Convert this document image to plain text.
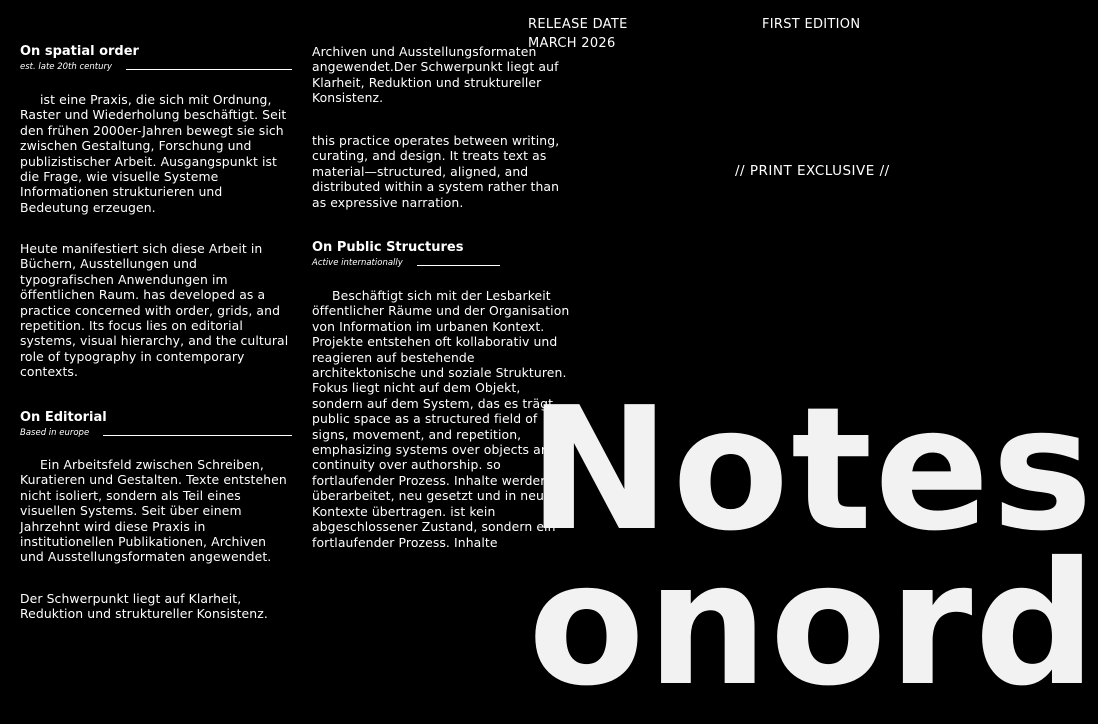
On spatial order

est. late 20th century

ist eine Praxis, die sich mit Ordnung, Raster und Wiederholung beschäftigt. Seit den frühen 2000er-Jahren bewegt sie sich zwischen Gestaltung, Forschung und publizistischer Arbeit. Ausgangspunkt ist die Frage, wie visuelle Systeme Informationen strukturieren und Bedeutung erzeugen.

Heute manifestiert sich diese Arbeit in Büchern, Ausstellungen und typografischen Anwendungen im öffentlichen Raum. has developed as a practice concerned with order, grids, and repetition. Its focus lies on editorial systems, visual hierarchy, and the cultural role of typography in contemporary contexts.

On Editorial

Based in europe

Ein Arbeitsfeld zwischen Schreiben, Kuratieren und Gestalten. Texte entstehen nicht isoliert, sondern als Teil eines visuellen Systems. Seit über einem Jahrzehnt wird diese Praxis in institutionellen Publikationen, Archiven und Ausstellungsformaten angewendet.

Der Schwerpunkt liegt auf Klarheit, Reduktion und struktureller Konsistenz.

Archiven und Ausstellungsformaten angewendet.Der Schwerpunkt liegt auf Klarheit, Reduktion und struktureller Konsistenz.

this practice operates between writing, curating, and design. It treats text as material—structured, aligned, and distributed within a system rather than as expressive narration.

On Public Structures

Active internationally

Beschäftigt sich mit der Lesbarkeit öffentlicher Räume und der Organisation von Information im urbanen Kontext. Projekte entstehen oft kollaborativ und reagieren auf bestehende architektonische und soziale Strukturen. Fokus liegt nicht auf dem Objekt, sondern auf dem System, das es trägt. public space as a structured field of signs, movement, and repetition, emphasizing systems over objects and continuity over authorship. so fortlaufender Prozess. Inhalte werden überarbeitet, neu gesetzt und in neue Kontexte übertragen. ist kein abgeschlossener Zustand, sondern ein fortlaufender Prozess. Inhalte

RELEASE DATE
MARCH 2026
FIRST EDITION
// PRINT EXCLUSIVE //
Notes
onord
